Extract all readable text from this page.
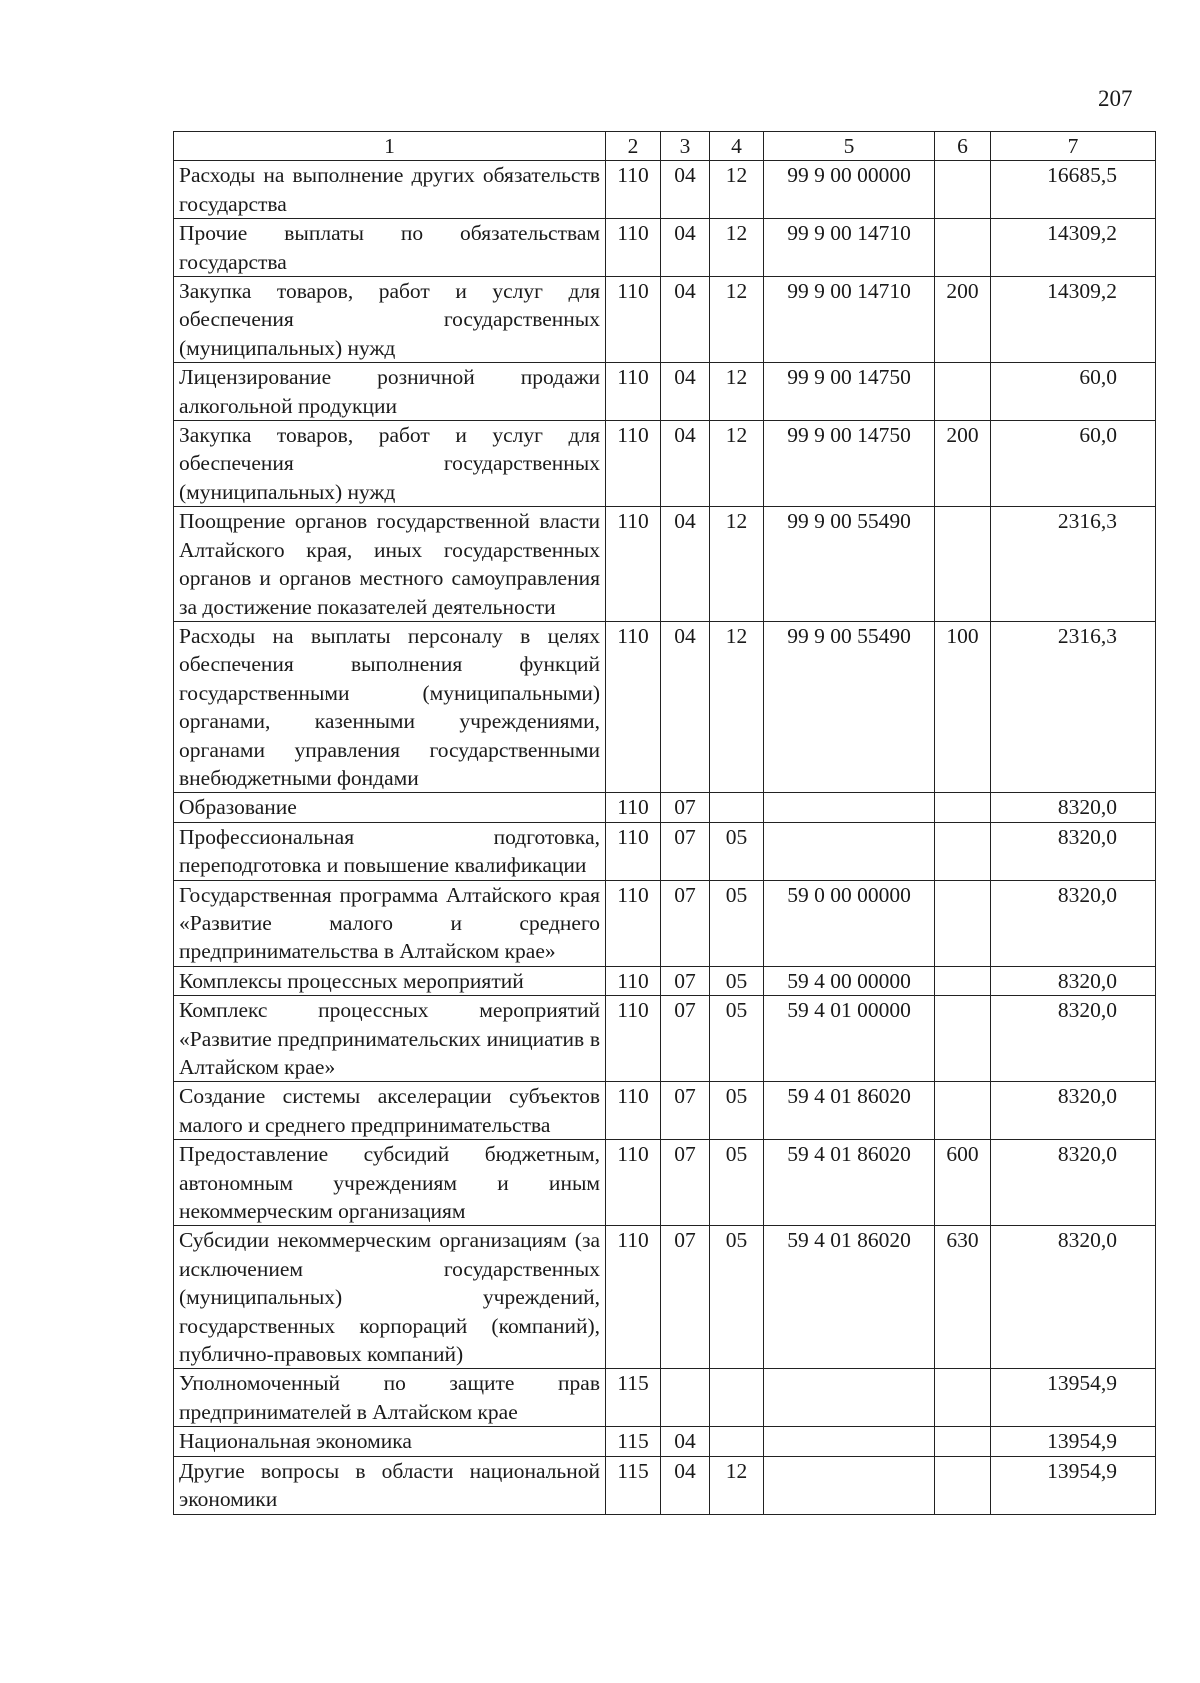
207
1	2	3	4	5	6	7
Расходы на выполнение других обязательств государства	110	04	12	99 9 00 00000		16685,5
Прочие выплаты по обязательствам государства	110	04	12	99 9 00 14710		14309,2
Закупка товаров, работ и услуг для обеспечения государственных (муниципальных) нужд	110	04	12	99 9 00 14710	200	14309,2
Лицензирование розничной продажи алкогольной продукции	110	04	12	99 9 00 14750		60,0
Закупка товаров, работ и услуг для обеспечения государственных (муниципальных) нужд	110	04	12	99 9 00 14750	200	60,0
Поощрение органов государственной власти Алтайского края, иных государственных органов и органов местного самоуправления за достижение показателей деятельности	110	04	12	99 9 00 55490		2316,3
Расходы на выплаты персоналу в целях обеспечения выполнения функций государственными (муниципальными) органами, казенными учреждениями, органами управления государственными внебюджетными фондами	110	04	12	99 9 00 55490	100	2316,3
Образование	110	07				8320,0
Профессиональная подготовка, переподготовка и повышение квалификации	110	07	05			8320,0
Государственная программа Алтайского края «Развитие малого и среднего предпринимательства в Алтайском крае»	110	07	05	59 0 00 00000		8320,0
Комплексы процессных мероприятий	110	07	05	59 4 00 00000		8320,0
Комплекс процессных мероприятий «Развитие предпринимательских инициатив в Алтайском крае»	110	07	05	59 4 01 00000		8320,0
Создание системы акселерации субъектов малого и среднего предпринимательства	110	07	05	59 4 01 86020		8320,0
Предоставление субсидий бюджетным, автономным учреждениям и иным некоммерческим организациям	110	07	05	59 4 01 86020	600	8320,0
Субсидии некоммерческим организациям (за исключением государственных (муниципальных) учреждений, государственных корпораций (компаний), публично-правовых компаний)	110	07	05	59 4 01 86020	630	8320,0
Уполномоченный по защите прав предпринимателей в Алтайском крае	115					13954,9
Национальная экономика	115	04				13954,9
Другие вопросы в области национальной экономики	115	04	12			13954,9
